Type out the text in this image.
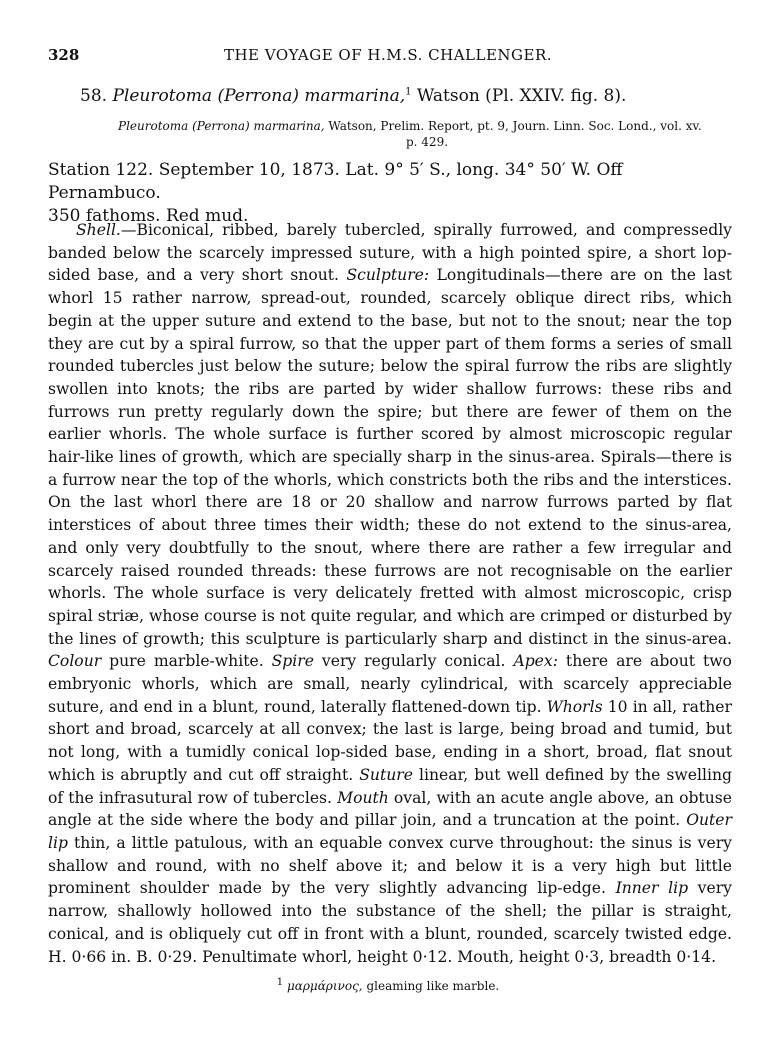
328	THE VOYAGE OF H.M.S. CHALLENGER.
58. Pleurotoma (Perrona) marmarina,$^1$ Watson (Pl. XXIV. fig. 8).
Pleurotoma (Perrona) marmarina, Watson, Prelim. Report, pt. 9, Journ. Linn. Soc. Lond., vol. xv.
p. 429.
Station 122. September 10, 1873. Lat. 9° 5′ S., long. 34° 50′ W. Off Pernambuco.
350 fathoms. Red mud.
Shell.—Biconical, ribbed, barely tubercled, spirally furrowed, and compressedly banded below the scarcely impressed suture, with a high pointed spire, a short lop-sided base, and a very short snout. Sculpture: Longitudinals—there are on the last whorl 15 rather narrow, spread-out, rounded, scarcely oblique direct ribs, which begin at the upper suture and extend to the base, but not to the snout; near the top they are cut by a spiral furrow, so that the upper part of them forms a series of small rounded tubercles just below the suture; below the spiral furrow the ribs are slightly swollen into knots; the ribs are parted by wider shallow furrows: these ribs and furrows run pretty regularly down the spire; but there are fewer of them on the earlier whorls. The whole surface is further scored by almost microscopic regular hair-like lines of growth, which are specially sharp in the sinus-area. Spirals—there is a furrow near the top of the whorls, which constricts both the ribs and the interstices. On the last whorl there are 18 or 20 shallow and narrow furrows parted by flat interstices of about three times their width; these do not extend to the sinus-area, and only very doubtfully to the snout, where there are rather a few irregular and scarcely raised rounded threads: these furrows are not recognisable on the earlier whorls. The whole surface is very delicately fretted with almost microscopic, crisp spiral striæ, whose course is not quite regular, and which are crimped or disturbed by the lines of growth; this sculpture is particularly sharp and distinct in the sinus-area. Colour pure marble-white. Spire very regularly conical. Apex: there are about two embryonic whorls, which are small, nearly cylindrical, with scarcely appreciable suture, and end in a blunt, round, laterally flattened-down tip. Whorls 10 in all, rather short and broad, scarcely at all convex; the last is large, being broad and tumid, but not long, with a tumidly conical lop-sided base, ending in a short, broad, flat snout which is abruptly and cut off straight. Suture linear, but well defined by the swelling of the infrasutural row of tubercles. Mouth oval, with an acute angle above, an obtuse angle at the side where the body and pillar join, and a truncation at the point. Outer lip thin, a little patulous, with an equable convex curve throughout: the sinus is very shallow and round, with no shelf above it; and below it is a very high but little prominent shoulder made by the very slightly advancing lip-edge. Inner lip very narrow, shallowly hollowed into the substance of the shell; the pillar is straight, conical, and is obliquely cut off in front with a blunt, rounded, scarcely twisted edge. H. 0·66 in. B. 0·29. Penultimate whorl, height 0·12. Mouth, height 0·3, breadth 0·14.
$^1$ μαρμάρινος, gleaming like marble.
